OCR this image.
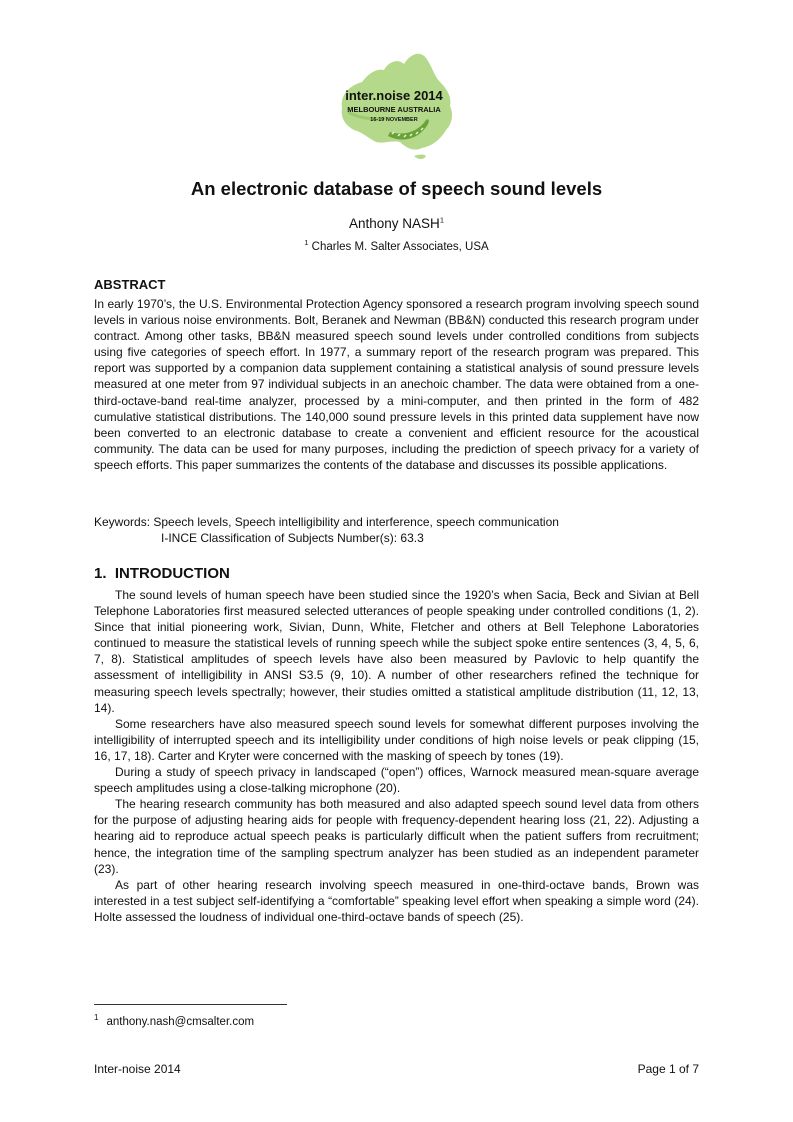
inter.noise 2014
MELBOURNE AUSTRALIA
16-19 NOVEMBER
An electronic database of speech sound levels
Anthony NASH$^1$
$^1$ Charles M. Salter Associates, USA
ABSTRACT

In early 1970’s, the U.S. Environmental Protection Agency sponsored a research program involving speech sound levels in various noise environments. Bolt, Beranek and Newman (BB&N) conducted this research program under contract. Among other tasks, BB&N measured speech sound levels under controlled conditions from subjects using five categories of speech effort. In 1977, a summary report of the research program was prepared. This report was supported by a companion data supplement containing a statistical analysis of sound pressure levels measured at one meter from 97 individual subjects in an anechoic chamber. The data were obtained from a one-third-octave-band real-time analyzer, processed by a mini-computer, and then printed in the form of 482 cumulative statistical distributions. The 140,000 sound pressure levels in this printed data supplement have now been converted to an electronic database to create a convenient and efficient resource for the acoustical community. The data can be used for many purposes, including the prediction of speech privacy for a variety of speech efforts. This paper summarizes the contents of the database and discusses its possible applications.

Keywords: Speech levels, Speech intelligibility and interference, speech communication
I-INCE Classification of Subjects Number(s): 63.3
1.  INTRODUCTION

The sound levels of human speech have been studied since the 1920’s when Sacia, Beck and Sivian at Bell Telephone Laboratories first measured selected utterances of people speaking under controlled conditions (1, 2). Since that initial pioneering work, Sivian, Dunn, White, Fletcher and others at Bell Telephone Laboratories continued to measure the statistical levels of running speech while the subject spoke entire sentences (3, 4, 5, 6, 7, 8). Statistical amplitudes of speech levels have also been measured by Pavlovic to help quantify the assessment of intelligibility in ANSI S3.5 (9, 10). A number of other researchers refined the technique for measuring speech levels spectrally; however, their studies omitted a statistical amplitude distribution (11, 12, 13, 14).

Some researchers have also measured speech sound levels for somewhat different purposes involving the intelligibility of interrupted speech and its intelligibility under conditions of high noise levels or peak clipping (15, 16, 17, 18). Carter and Kryter were concerned with the masking of speech by tones (19).

During a study of speech privacy in landscaped (“open”) offices, Warnock measured mean-square average speech amplitudes using a close-talking microphone (20).

The hearing research community has both measured and also adapted speech sound level data from others for the purpose of adjusting hearing aids for people with frequency-dependent hearing loss (21, 22). Adjusting a hearing aid to reproduce actual speech peaks is particularly difficult when the patient suffers from recruitment; hence, the integration time of the sampling spectrum analyzer has been studied as an independent parameter (23).

As part of other hearing research involving speech measured in one-third-octave bands, Brown was interested in a test subject self-identifying a “comfortable” speaking level effort when speaking a simple word (24). Holte assessed the loudness of individual one-third-octave bands of speech (25).

$^1$ anthony.nash@cmsalter.com
Inter-noise 2014	Page 1 of 7
